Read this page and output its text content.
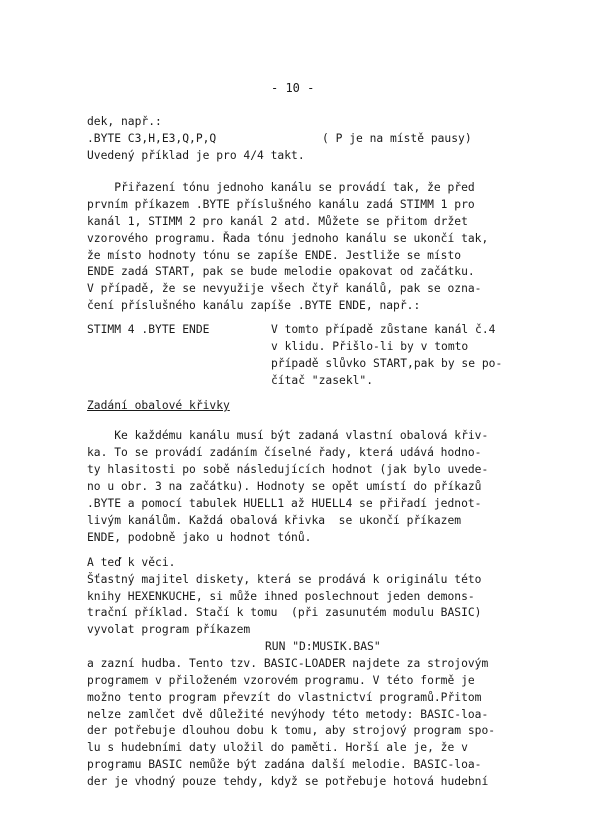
- 10 -
dek, např.:
.BYTE C3,H,E3,Q,P,Q	( P je na místě pausy)
Uvedený příklad je pro 4/4 takt.
Přiřazení tónu jednoho kanálu se provádí tak, že před
prvním příkazem .BYTE příslušného kanálu zadá STIMM 1 pro
kanál 1, STIMM 2 pro kanál 2 atd. Můžete se přitom držet
vzorového programu. Řada tónu jednoho kanálu se ukončí tak,
že místo hodnoty tónu se zapíše ENDE. Jestliže se místo
ENDE zadá START, pak se bude melodie opakovat od začátku.
V případě, že se nevyužije všech čtyř kanálů, pak se ozna-
čení příslušného kanálu zapíše .BYTE ENDE, např.:
STIMM 4 .BYTE ENDE	V tomto případě zůstane kanál č.4
v klidu. Přišlo-li by v tomto
případě slůvko START,pak by se po-
čítač "zasekl".
Zadání obalové křivky
Ke každému kanálu musí být zadaná vlastní obalová křiv-
ka. To se provádí zadáním číselné řady, která udává hodno-
ty hlasitosti po sobě následujících hodnot (jak bylo uvede-
no u obr. 3 na začátku). Hodnoty se opět umístí do příkazů
.BYTE a pomocí tabulek HUELL1 až HUELL4 se přiřadí jednot-
livým kanálům. Každá obalová křivka  se ukončí příkazem
ENDE, podobně jako u hodnot tónů.
A teď k věci.
Šťastný majitel diskety, která se prodává k originálu této
knihy HEXENKUCHE, si může ihned poslechnout jeden demons-
trační příklad. Stačí k tomu  (při zasunutém modulu BASIC)
vyvolat program příkazem
RUN "D:MUSIK.BAS"
a zazní hudba. Tento tzv. BASIC-LOADER najdete za strojovým
programem v přiloženém vzorovém programu. V této formě je
možno tento program převzít do vlastnictví programů.Přitom
nelze zamlčet dvě důležité nevýhody této metody: BASIC-loa-
der potřebuje dlouhou dobu k tomu, aby strojový program spo-
lu s hudebními daty uložil do paměti. Horší ale je, že v
programu BASIC nemůže být zadána další melodie. BASIC-loa-
der je vhodný pouze tehdy, když se potřebuje hotová hudební
